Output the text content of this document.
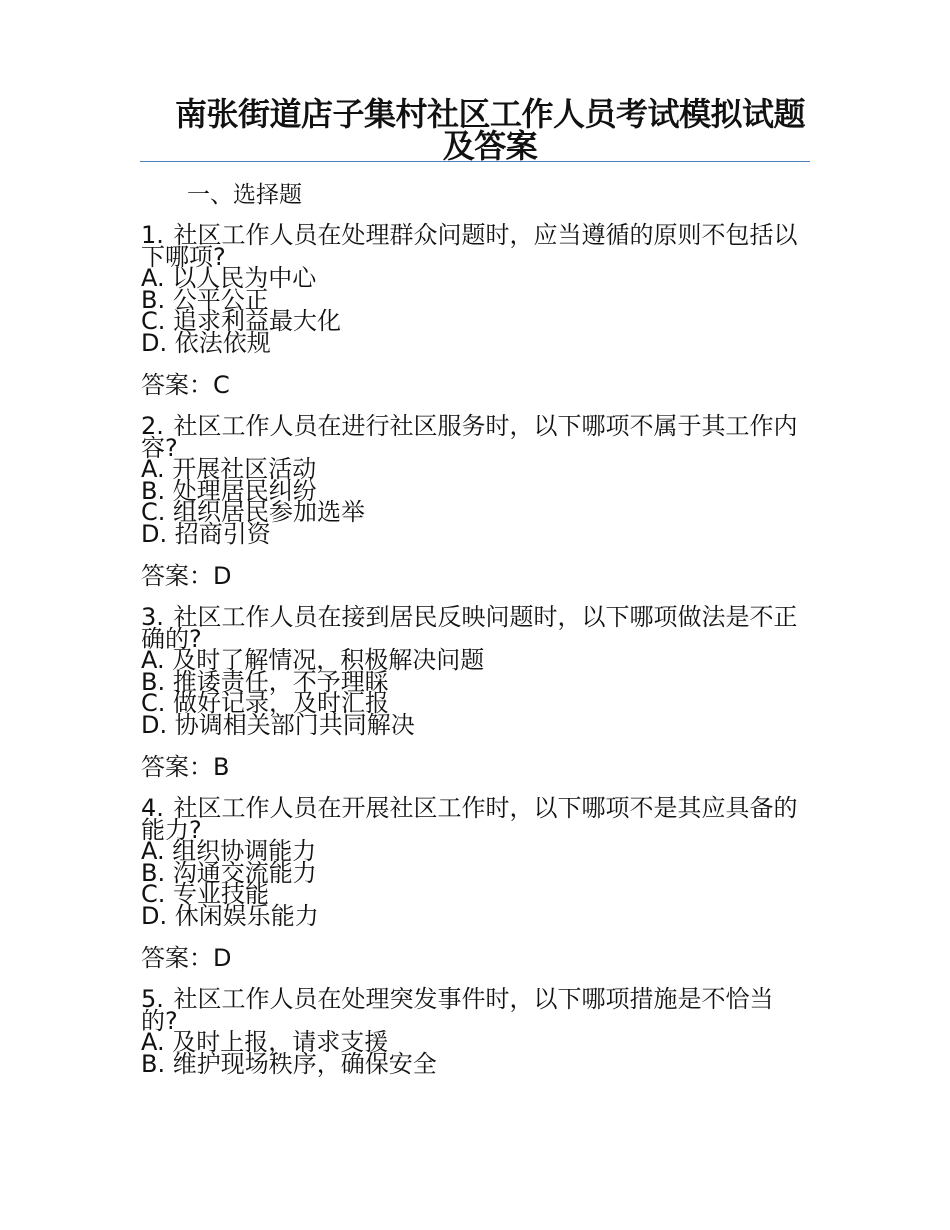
南张街道店子集村社区工作人员考试模拟试题及答案
一、选择题

1. 社区工作人员在处理群众问题时，应当遵循的原则不包括以下哪项?

A. 以人民为中心

B. 公平公正

C. 追求利益最大化

D. 依法依规

答案：C

2. 社区工作人员在进行社区服务时，以下哪项不属于其工作内容?

A. 开展社区活动

B. 处理居民纠纷

C. 组织居民参加选举

D. 招商引资

答案：D

3. 社区工作人员在接到居民反映问题时，以下哪项做法是不正确的?

A. 及时了解情况，积极解决问题

B. 推诿责任，不予理睬

C. 做好记录，及时汇报

D. 协调相关部门共同解决

答案：B

4. 社区工作人员在开展社区工作时，以下哪项不是其应具备的能力?

A. 组织协调能力

B. 沟通交流能力

C. 专业技能

D. 休闲娱乐能力

答案：D

5. 社区工作人员在处理突发事件时，以下哪项措施是不恰当的?

A. 及时上报，请求支援

B. 维护现场秩序，确保安全
